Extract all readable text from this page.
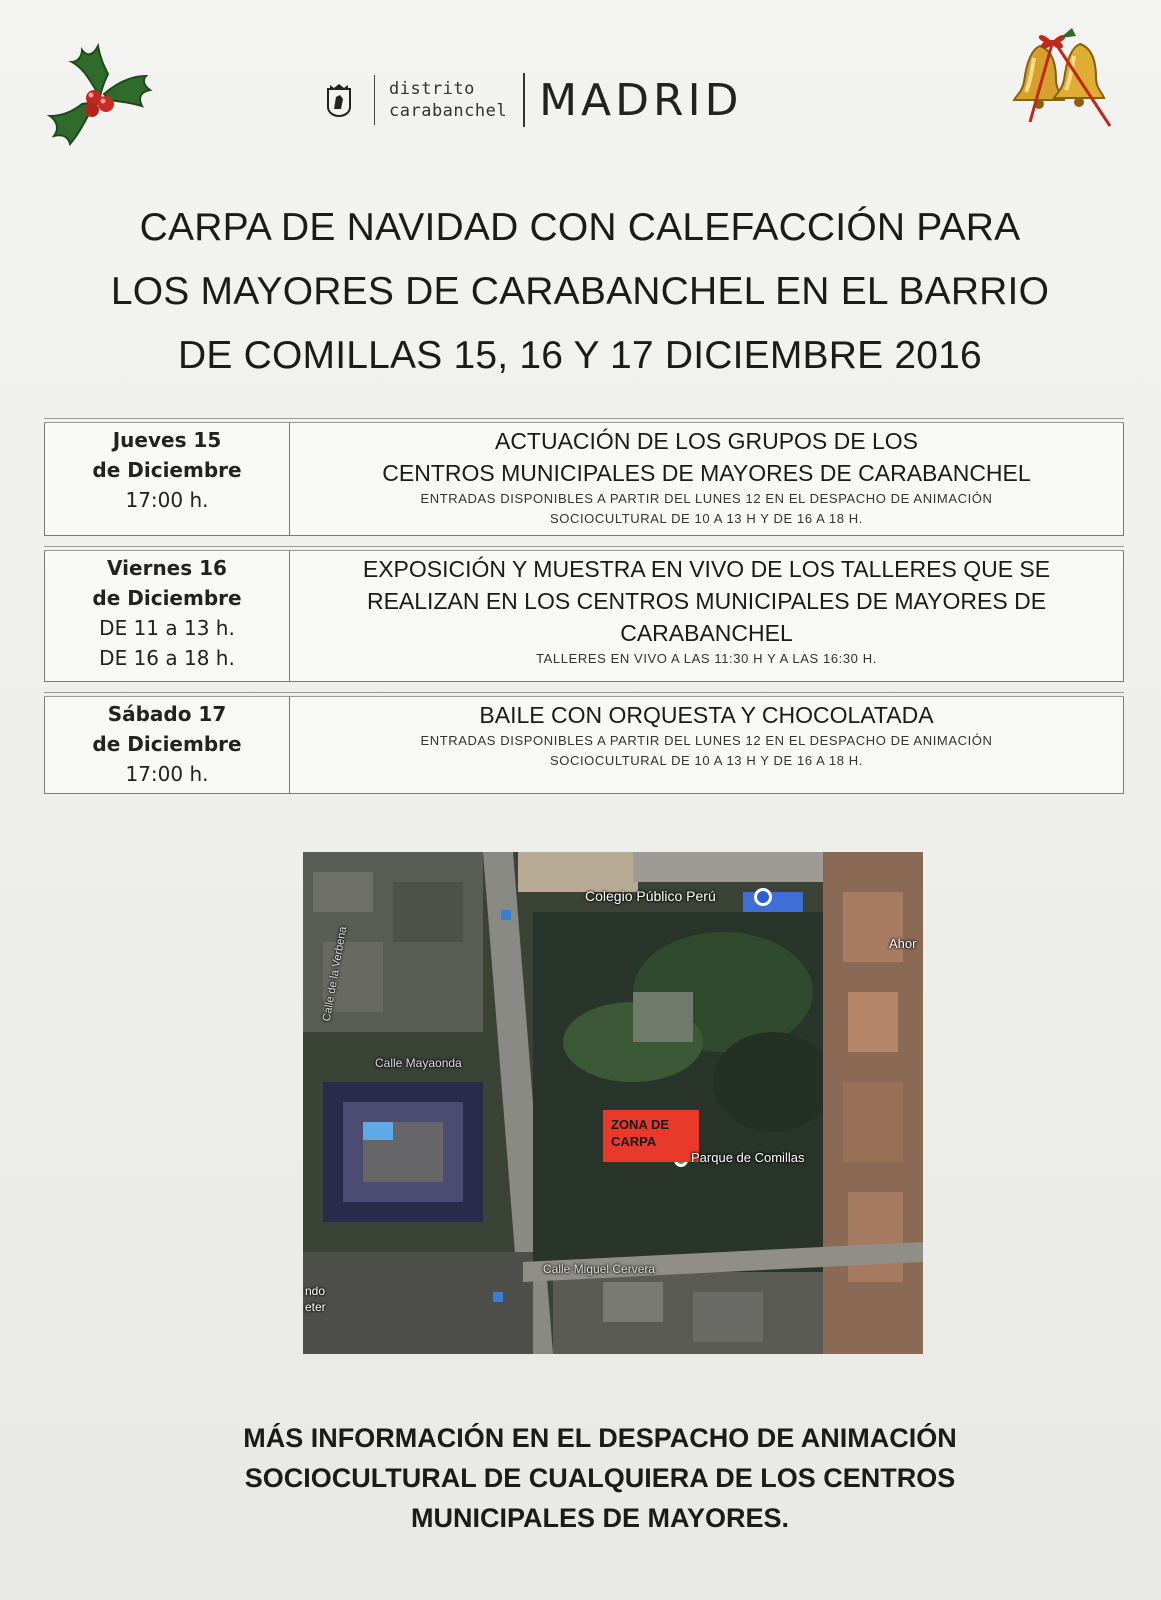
distrito
carabanchel MADRID
CARPA DE NAVIDAD CON CALEFACCIÓN PARA
LOS MAYORES DE CARABANCHEL EN EL BARRIO
DE COMILLAS 15, 16 Y 17 DICIEMBRE 2016
Jueves 15
de Diciembre
17:00 h.
ACTUACIÓN DE LOS GRUPOS DE LOS
CENTROS MUNICIPALES DE MAYORES DE CARABANCHEL
ENTRADAS DISPONIBLES A PARTIR DEL LUNES 12 EN EL DESPACHO DE ANIMACIÓN
SOCIOCULTURAL DE 10 A 13 H Y DE 16 A 18 H.
Viernes 16
de Diciembre
DE 11 a 13 h.
DE 16 a 18 h.
EXPOSICIÓN Y MUESTRA EN VIVO DE LOS TALLERES QUE SE
REALIZAN EN LOS CENTROS MUNICIPALES DE MAYORES DE
CARABANCHEL
TALLERES EN VIVO A LAS 11:30 H Y A LAS 16:30 H.
Sábado 17
de Diciembre
17:00 h.
BAILE CON ORQUESTA Y CHOCOLATADA
ENTRADAS DISPONIBLES A PARTIR DEL LUNES 12 EN EL DESPACHO DE ANIMACIÓN
SOCIOCULTURAL DE 10 A 13 H Y DE 16 A 18 H.
Colegio Público Perú
ZONA DE
CARPA
Parque de Comillas
Calle Mayaonda
Calle de la Verbena
Calle Miguel Cervera
Ahor
ndo
eter
MÁS INFORMACIÓN EN EL DESPACHO DE ANIMACIÓN
SOCIOCULTURAL DE CUALQUIERA DE LOS CENTROS
MUNICIPALES DE MAYORES.
